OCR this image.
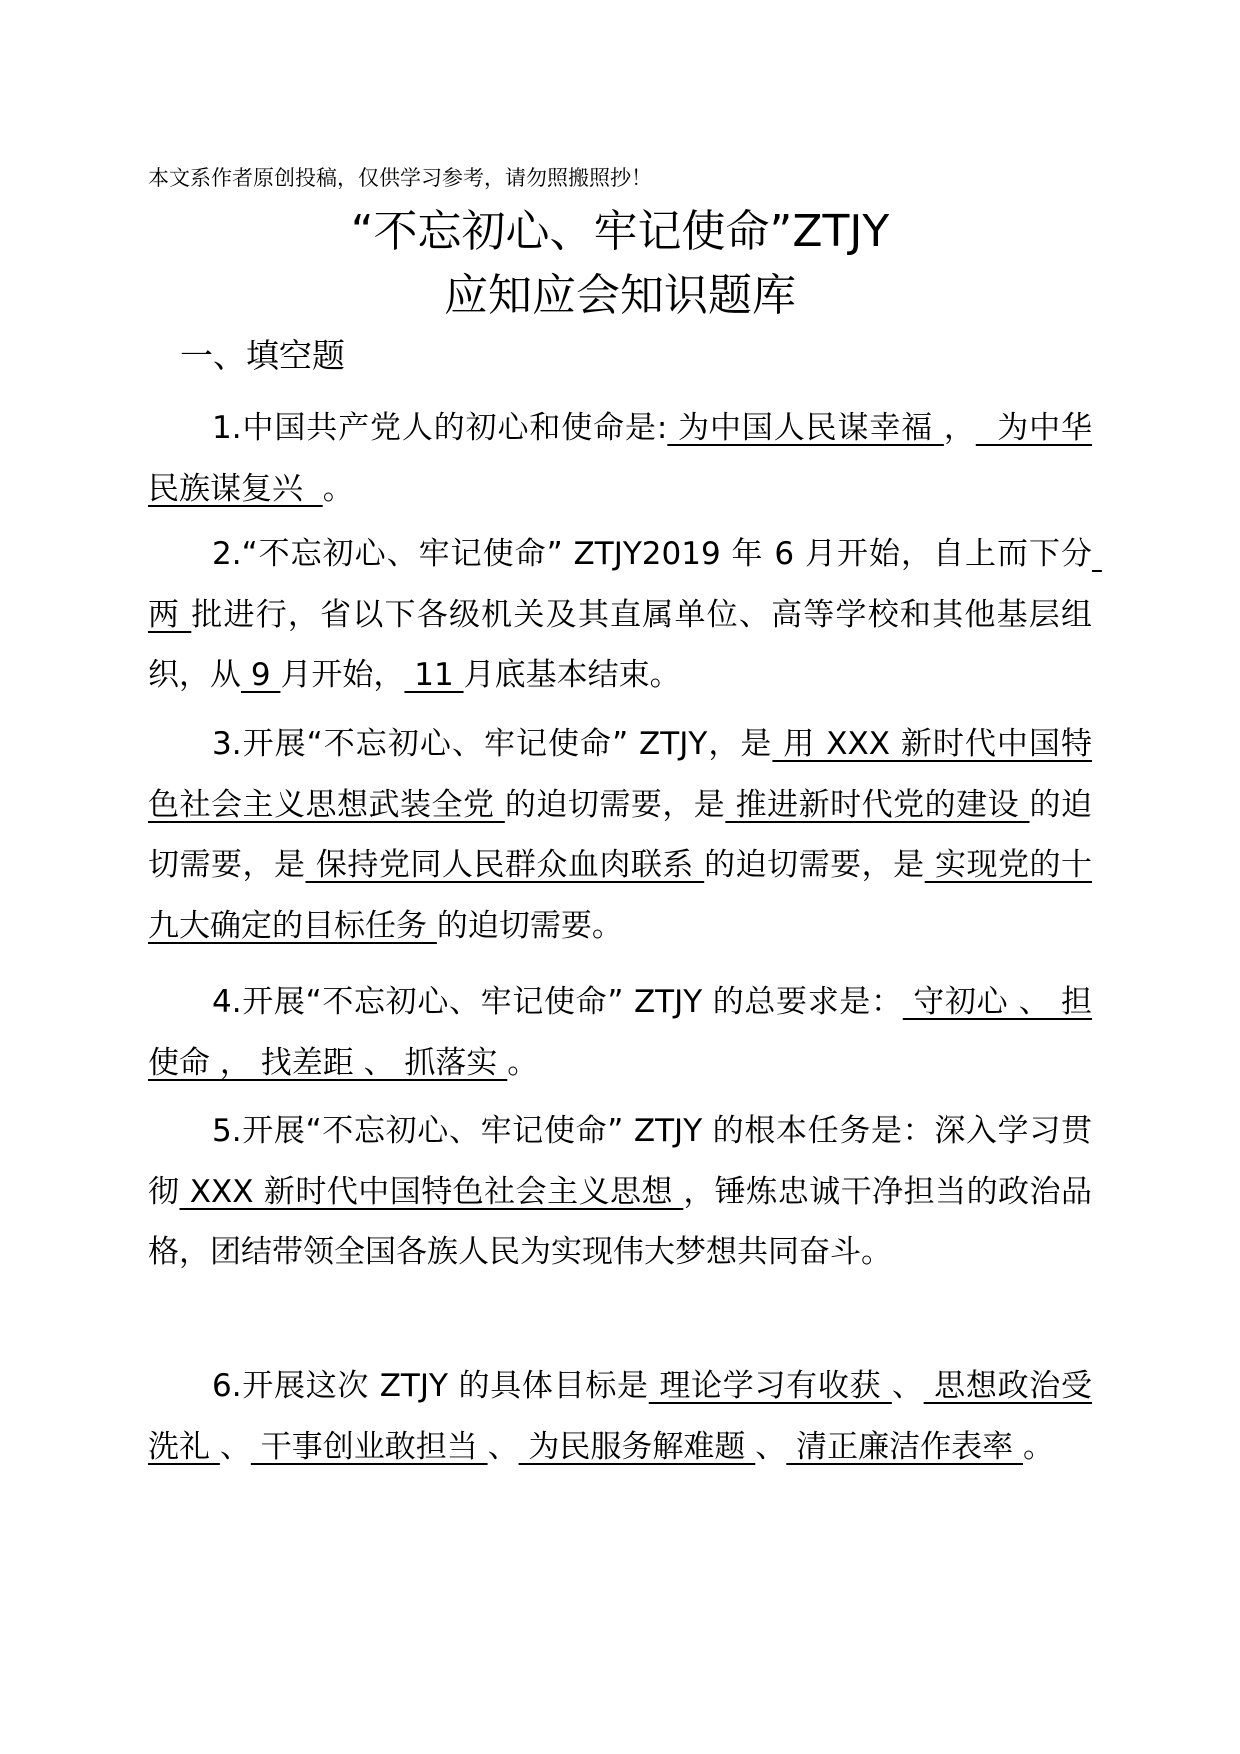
本文系作者原创投稿，仅供学习参考，请勿照搬照抄！
“不忘初心、牢记使命”ZTJY
应知应会知识题库
一、填空题

1.中国共产党人的初心和使命是: 为中国人民谋幸福 ，  为中华民族谋复兴  。

2.“不忘初心、牢记使命” ZTJY2019 年 6 月开始，自上而下分 两 批进行，省以下各级机关及其直属单位、高等学校和其他基层组织，从 9 月开始， 11 月底基本结束。

3.开展“不忘初心、牢记使命” ZTJY，是 用 XXX 新时代中国特色社会主义思想武装全党 的迫切需要，是 推进新时代党的建设 的迫切需要，是 保持党同人民群众血肉联系 的迫切需要，是 实现党的十九大确定的目标任务 的迫切需要。

4.开展“不忘初心、牢记使命” ZTJY 的总要求是： 守初心 、 担使命 ， 找差距 、 抓落实 。

5.开展“不忘初心、牢记使命” ZTJY 的根本任务是：深入学习贯彻 XXX 新时代中国特色社会主义思想 ，锤炼忠诚干净担当的政治品格，团结带领全国各族人民为实现伟大梦想共同奋斗。

6.开展这次 ZTJY 的具体目标是 理论学习有收获 、 思想政治受洗礼 、 干事创业敢担当 、 为民服务解难题 、 清正廉洁作表率 。
